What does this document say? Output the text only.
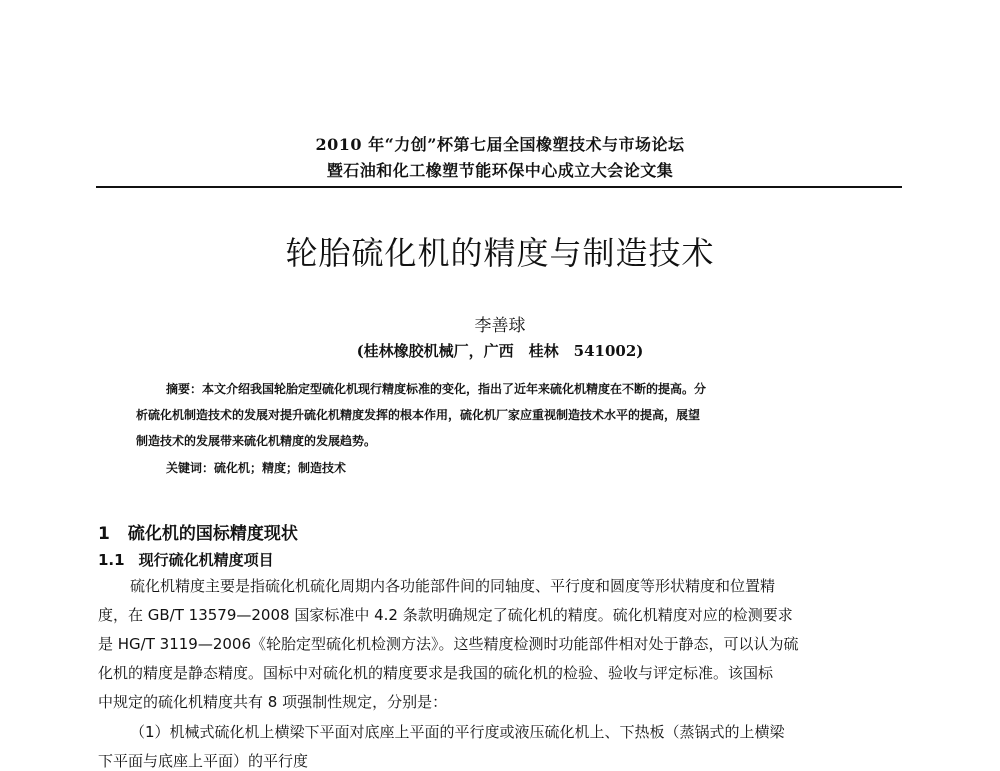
2010 年“力创”杯第七届全国橡塑技术与市场论坛
暨石油和化工橡塑节能环保中心成立大会论文集
轮胎硫化机的精度与制造技术
李善球
(桂林橡胶机械厂，广西　桂林　541002)
摘要：本文介绍我国轮胎定型硫化机现行精度标准的变化，指出了近年来硫化机精度在不断的提高。分
析硫化机制造技术的发展对提升硫化机精度发挥的根本作用，硫化机厂家应重视制造技术水平的提高，展望
制造技术的发展带来硫化机精度的发展趋势。
关键词：硫化机；精度；制造技术
1 硫化机的国标精度现状
1.1 现行硫化机精度项目
硫化机精度主要是指硫化机硫化周期内各功能部件间的同轴度、平行度和圆度等形状精度和位置精
度，在 GB/T 13579—2008 国家标准中 4.2 条款明确规定了硫化机的精度。硫化机精度对应的检测要求
是 HG/T 3119—2006《轮胎定型硫化机检测方法》。这些精度检测时功能部件相对处于静态，可以认为硫
化机的精度是静态精度。国标中对硫化机的精度要求是我国的硫化机的检验、验收与评定标准。该国标
中规定的硫化机精度共有 8 项强制性规定，分别是：
（1）机械式硫化机上横梁下平面对底座上平面的平行度或液压硫化机上、下热板（蒸锅式的上横梁
下平面与底座上平面）的平行度
